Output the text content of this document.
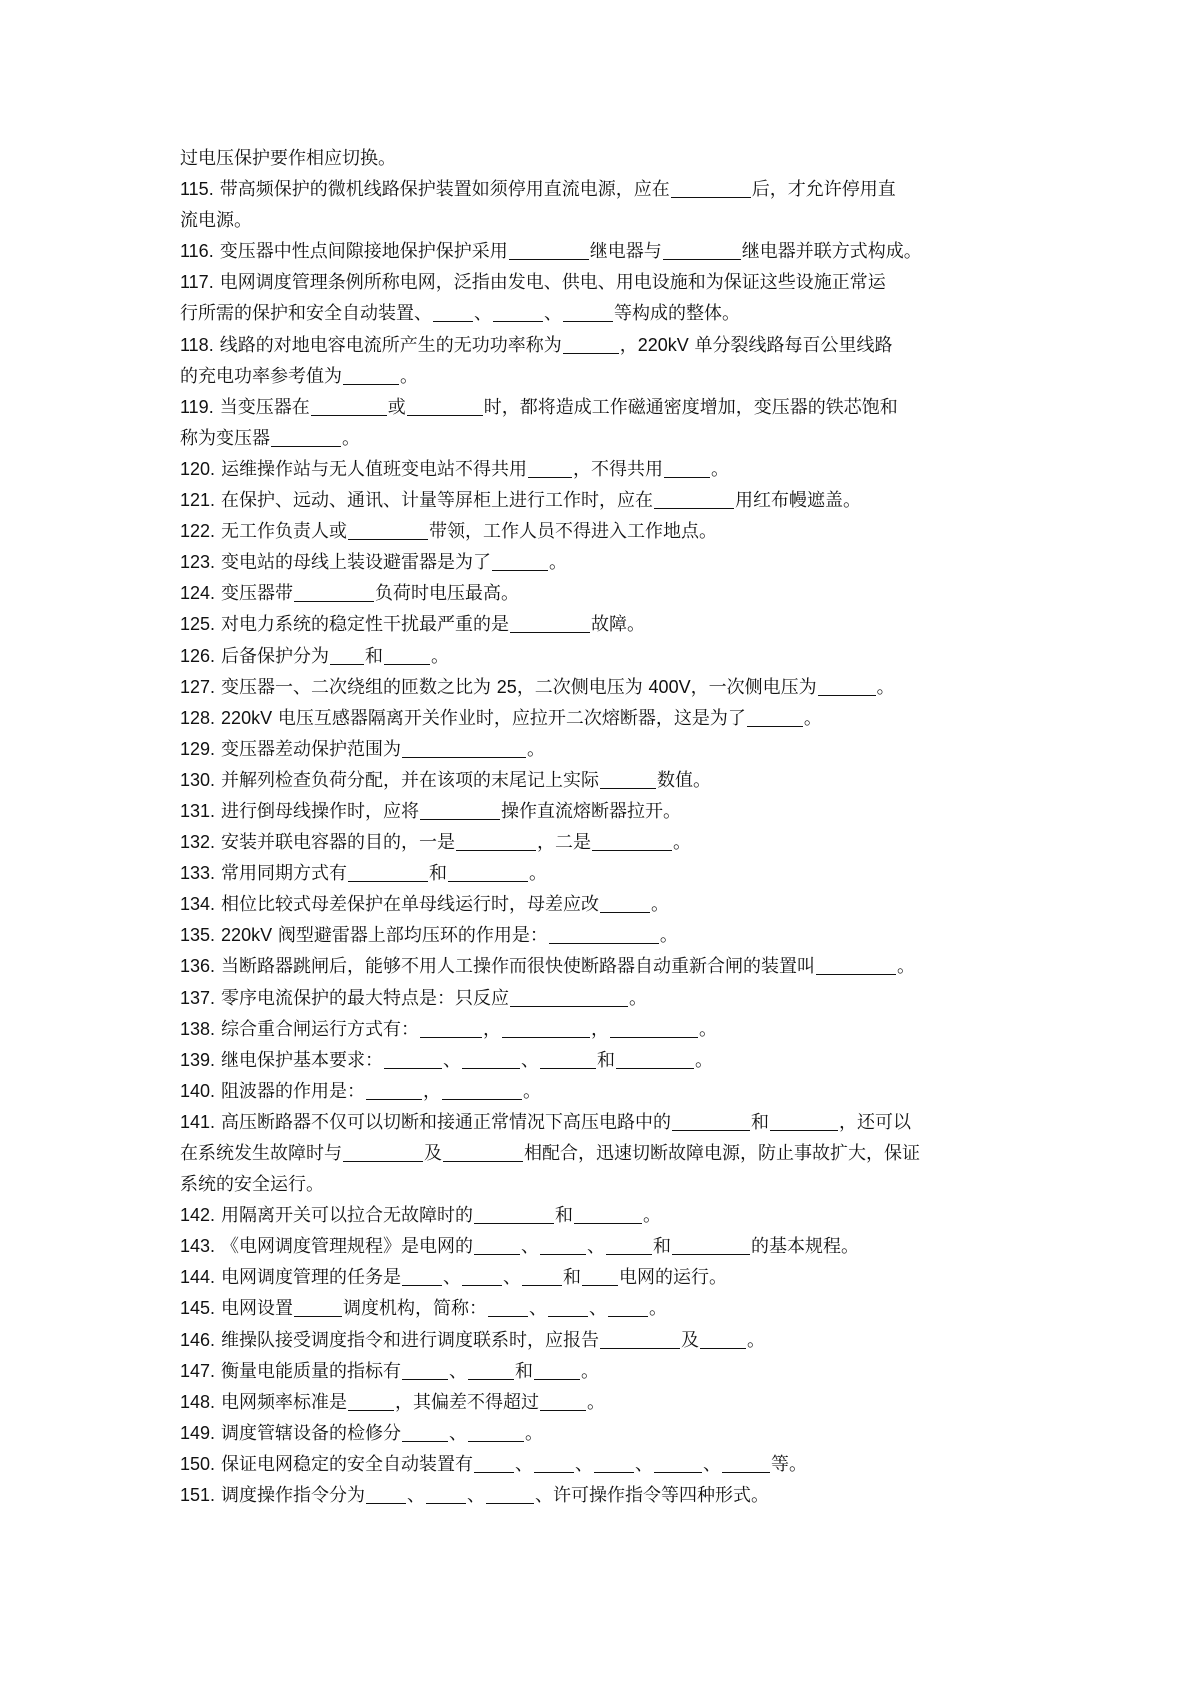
过电压保护要作相应切换。
115. 带高频保护的微机线路保护装置如须停用直流电源，应在	后，才允许停用直
流电源。
116. 变压器中性点间隙接地保护保护采用	继电器与	继电器并联方式构成。
117. 电网调度管理条例所称电网，泛指由发电、供电、用电设施和为保证这些设施正常运
行所需的保护和安全自动装置、 、	、	等构成的整体。
118. 线路的对地电容电流所产生的无功功率称为	，220kV 单分裂线路每百公里线路
的充电功率参考值为	。
119. 当变压器在	或	时，都将造成工作磁通密度增加，变压器的铁芯饱和
称为变压器	。
120. 运维操作站与无人值班变电站不得共用	，不得共用	。
121. 在保护、远动、通讯、计量等屏柜上进行工作时，应在	用红布幔遮盖。
122. 无工作负责人或	带领，工作人员不得进入工作地点。
123. 变电站的母线上装设避雷器是为了	。
124. 变压器带	负荷时电压最高。
125. 对电力系统的稳定性干扰最严重的是	故障。
126. 后备保护分为 和	。
127. 变压器一、二次绕组的匝数之比为 25，二次侧电压为 400V，一次侧电压为	。
128. 220kV 电压互感器隔离开关作业时，应拉开二次熔断器，这是为了	。
129. 变压器差动保护范围为	。
130. 并解列检查负荷分配，并在该项的末尾记上实际	数值。
131. 进行倒母线操作时，应将	操作直流熔断器拉开。
132. 安装并联电容器的目的，一是	，二是	。
133. 常用同期方式有	和	。
134. 相位比较式母差保护在单母线运行时，母差应改	。
135. 220kV 阀型避雷器上部均压环的作用是：	。
136. 当断路器跳闸后，能够不用人工操作而很快使断路器自动重新合闸的装置叫	。
137. 零序电流保护的最大特点是：只反应	。
138. 综合重合闸运行方式有：	，	，	。
139. 继电保护基本要求：	、	、	和	。
140. 阻波器的作用是：	，	。
141. 高压断路器不仅可以切断和接通正常情况下高压电路中的	和	，还可以
在系统发生故障时与	及	相配合，迅速切断故障电源，防止事故扩大，保证
系统的安全运行。
142. 用隔离开关可以拉合无故障时的	和	。
143. 《电网调度管理规程》是电网的	、	、	和	的基本规程。
144. 电网调度管理的任务是 、 、 和 电网的运行。
145. 电网设置	调度机构，简称： 、 、 。
146. 维操队接受调度指令和进行调度联系时，应报告	及	。
147. 衡量电能质量的指标有	、	和	。
148. 电网频率标准是	，其偏差不得超过	。
149. 调度管辖设备的检修分	、	。
150. 保证电网稳定的安全自动装置有 、 、 、	、	等。
151. 调度操作指令分为 、 、	、许可操作指令等四种形式。
